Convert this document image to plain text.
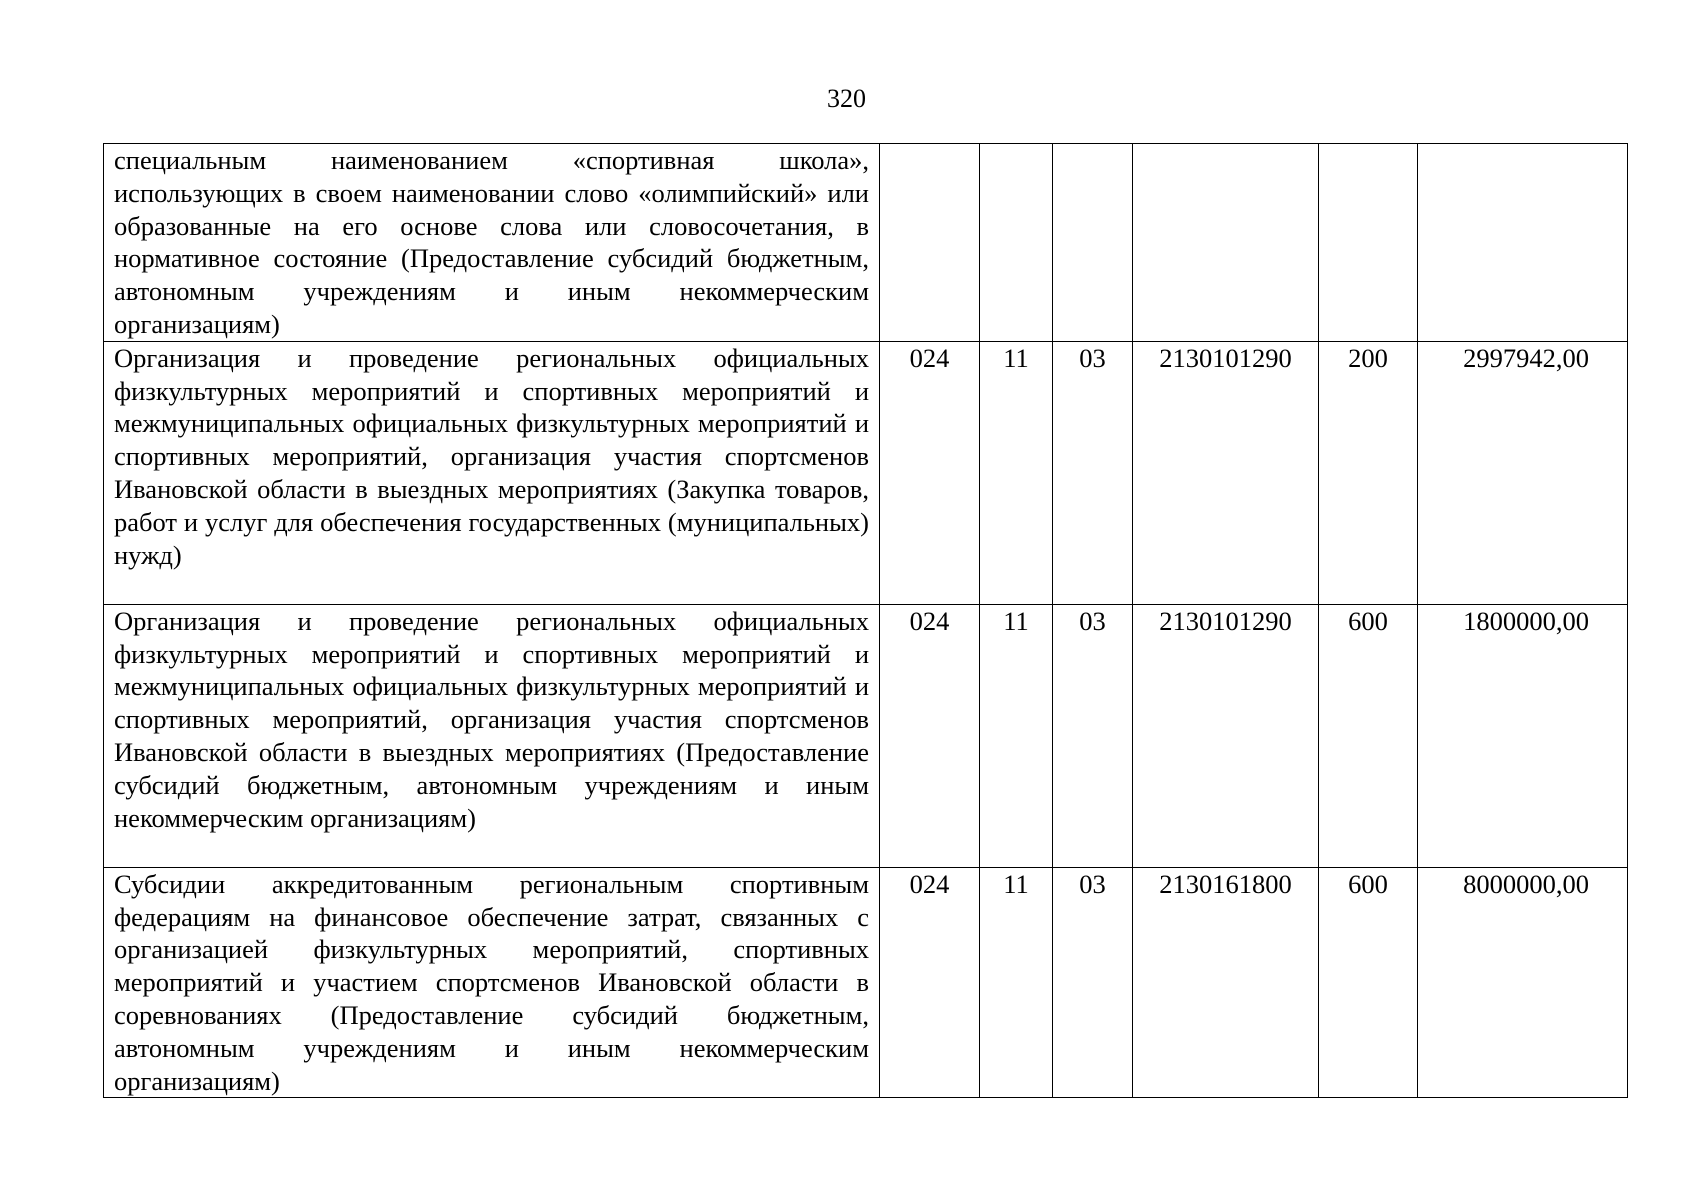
320
специальным наименованием «спортивная школа», использующих в своем наименовании слово «олимпийский» или образованные на его основе слова или словосочетания, в нормативное состояние (Предоставление субсидий бюджетным, автономным учреждениям и иным некоммерческим организациям)						
Организация и проведение региональных официальных физкультурных мероприятий и спортивных мероприятий и межмуниципальных официальных физкультурных мероприятий и спортивных мероприятий, организация участия спортсменов Ивановской области в выездных мероприятиях (Закупка товаров, работ и услуг для обеспечения государственных (муниципальных) нужд)	024	11	03	2130101290	200	2997942,00
Организация и проведение региональных официальных физкультурных мероприятий и спортивных мероприятий и межмуниципальных официальных физкультурных мероприятий и спортивных мероприятий, организация участия спортсменов Ивановской области в выездных мероприятиях (Предоставление субсидий бюджетным, автономным учреждениям и иным некоммерческим организациям)	024	11	03	2130101290	600	1800000,00
Субсидии аккредитованным региональным спортивным федерациям на финансовое обеспечение затрат, связанных с организацией физкультурных мероприятий, спортивных мероприятий и участием спортсменов Ивановской области в соревнованиях (Предоставление субсидий бюджетным, автономным учреждениям и иным некоммерческим организациям)	024	11	03	2130161800	600	8000000,00
